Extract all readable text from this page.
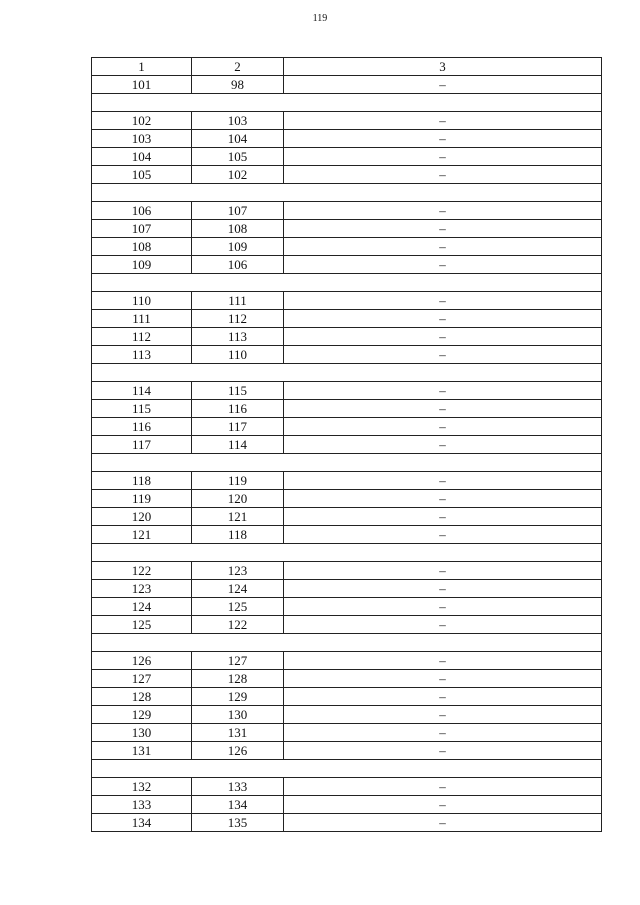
119
1	2	3
101	98	–

102	103	–
103	104	–
104	105	–
105	102	–

106	107	–
107	108	–
108	109	–
109	106	–

110	111	–
111	112	–
112	113	–
113	110	–

114	115	–
115	116	–
116	117	–
117	114	–

118	119	–
119	120	–
120	121	–
121	118	–

122	123	–
123	124	–
124	125	–
125	122	–

126	127	–
127	128	–
128	129	–
129	130	–
130	131	–
131	126	–

132	133	–
133	134	–
134	135	–
